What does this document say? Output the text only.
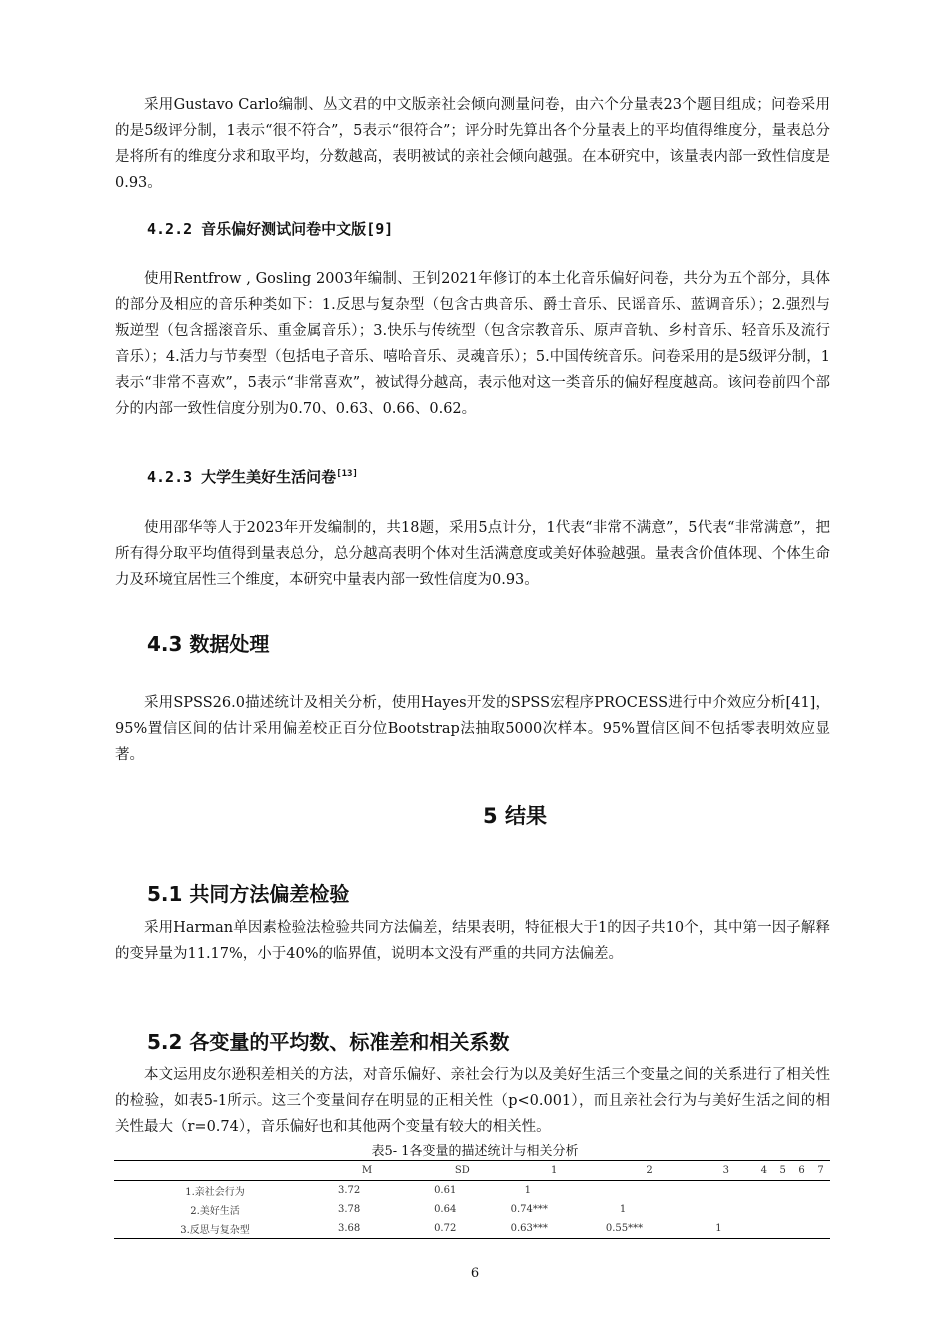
采用Gustavo Carlo编制、丛文君的中文版亲社会倾向测量问卷，由六个分量表23个题目组成；问卷采用的是5级评分制，1表示“很不符合”，5表示“很符合”；评分时先算出各个分量表上的平均值得维度分，量表总分是将所有的维度分求和取平均，分数越高，表明被试的亲社会倾向越强。在本研究中，该量表内部一致性信度是0.93。

4.2.2 音乐偏好测试问卷中文版[9]

使用Rentfrow , Gosling 2003年编制、王钊2021年修订的本土化音乐偏好问卷，共分为五个部分，具体的部分及相应的音乐种类如下：1.反思与复杂型（包含古典音乐、爵士音乐、民谣音乐、蓝调音乐）；2.强烈与叛逆型（包含摇滚音乐、重金属音乐）；3.快乐与传统型（包含宗教音乐、原声音轨、乡村音乐、轻音乐及流行音乐）；4.活力与节奏型（包括电子音乐、嘻哈音乐、灵魂音乐）；5.中国传统音乐。问卷采用的是5级评分制，1表示“非常不喜欢”，5表示“非常喜欢”，被试得分越高，表示他对这一类音乐的偏好程度越高。该问卷前四个部分的内部一致性信度分别为0.70、0.63、0.66、0.62。

4.2.3 大学生美好生活问卷[13]

使用邵华等人于2023年开发编制的，共18题，采用5点计分，1代表“非常不满意”，5代表“非常满意”，把所有得分取平均值得到量表总分，总分越高表明个体对生活满意度或美好体验越强。量表含价值体现、个体生命力及环境宜居性三个维度，本研究中量表内部一致性信度为0.93。

4.3 数据处理

采用SPSS26.0描述统计及相关分析，使用Hayes开发的SPSS宏程序PROCESS进行中介效应分析[41]，95%置信区间的估计采用偏差校正百分位Bootstrap法抽取5000次样本。95%置信区间不包括零表明效应显著。

5 结果
5.1 共同方法偏差检验

采用Harman单因素检验法检验共同方法偏差，结果表明，特征根大于1的因子共10个，其中第一因子解释的变异量为11.17%，小于40%的临界值，说明本文没有严重的共同方法偏差。

5.2 各变量的平均数、标准差和相关系数

本文运用皮尔逊积差相关的方法，对音乐偏好、亲社会行为以及美好生活三个变量之间的关系进行了相关性的检验，如表5-1所示。这三个变量间存在明显的正相关性（p<0.001），而且亲社会行为与美好生活之间的相关性最大（r=0.74），音乐偏好也和其他两个变量有较大的相关性。

表5- 1各变量的描述统计与相关分析

	M	SD	1	2	3	4	5	6	7
1.亲社会行为	3.72	0.61	1						
2.美好生活	3.78	0.64	0.74***	1					
3.反思与复杂型	3.68	0.72	0.63***	0.55***	1				

6
